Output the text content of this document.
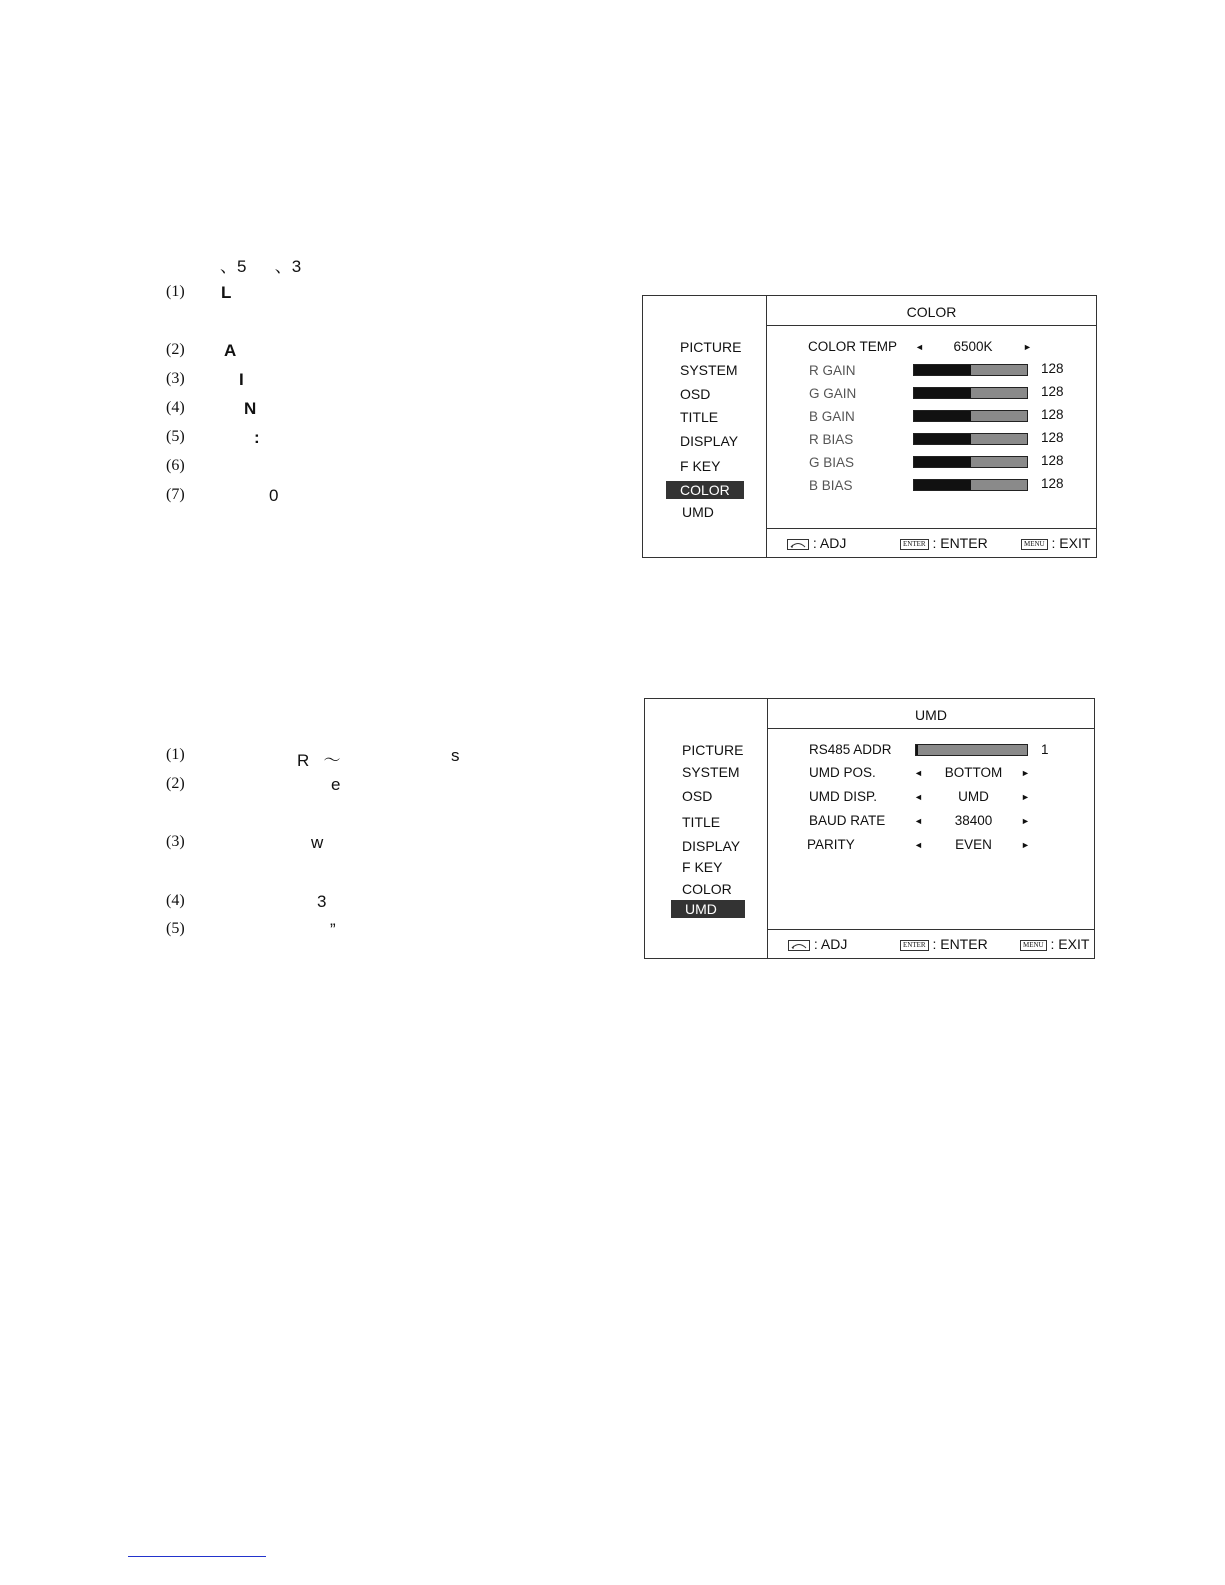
、5      、3
(1) L
(2) A
(3)	I
(4)	N
(5)	:
(6)
(7)	0
(1)	R   ～	s
(2)	e
(3)	w
(4)	3
(5)	”
PICTURE
SYSTEM
OSD
TITLE
DISPLAY
F KEY
COLOR
UMD
COLOR
COLOR TEMP ◄	6500K	►
R GAIN	128
G GAIN	128
B GAIN	128
R BIAS	128
G BIAS	128
B BIAS	128
: ADJ	ENTER : ENTER	MENU : EXIT
PICTURE
SYSTEM
OSD
TITLE
DISPLAY
F KEY
COLOR
UMD
UMD
RS485 ADDR	1
UMD POS.	◄	BOTTOM	►
UMD DISP.	◄	UMD	►
BAUD RATE	◄	38400	►
PARITY	◄	EVEN	►
: ADJ	ENTER : ENTER	MENU : EXIT
